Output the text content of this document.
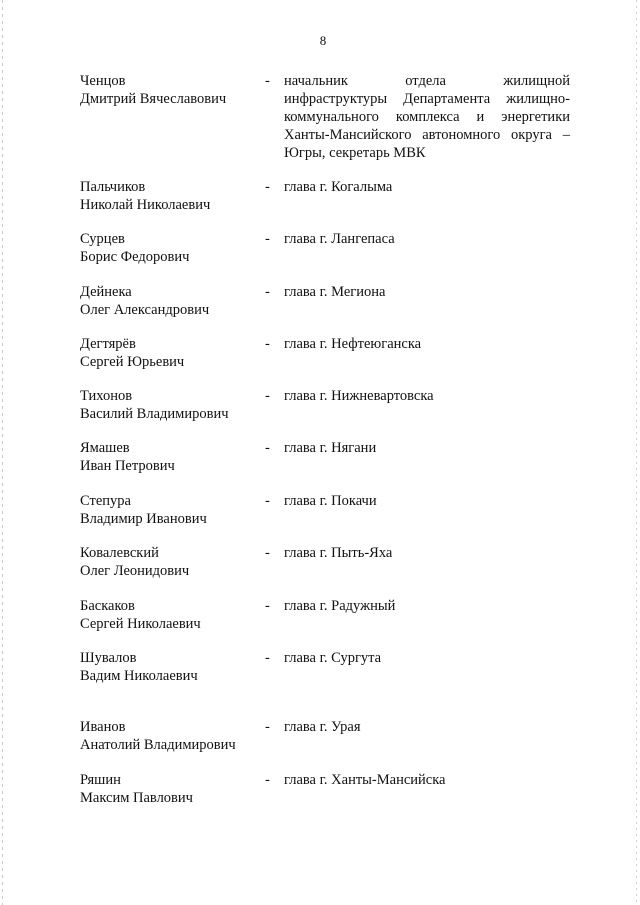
8
Ченцов
Дмитрий Вячеславович
- начальник	отдела	жилищной
инфраструктуры Департамента жилищно-коммунального комплекса и энергетики Ханты-Мансийского автономного округа – Югры, секретарь МВК
Пальчиков
Николай Николаевич
- глава г. Когалыма
Сурцев
Борис Федорович
- глава г. Лангепаса
Дейнека
Олег Александрович
- глава г. Мегиона
Дегтярёв
Сергей Юрьевич
- глава г. Нефтеюганска
Тихонов
Василий Владимирович
- глава г. Нижневартовска
Ямашев
Иван Петрович
- глава г. Нягани
Степура
Владимир Иванович
- глава г. Покачи
Ковалевский
Олег Леонидович
- глава г. Пыть-Яха
Баскаков
Сергей Николаевич
- глава г. Радужный
Шувалов
Вадим Николаевич
- глава г. Сургута
Иванов
Анатолий Владимирович
- глава г. Урая
Ряшин
Максим Павлович
- глава г. Ханты-Мансийска
